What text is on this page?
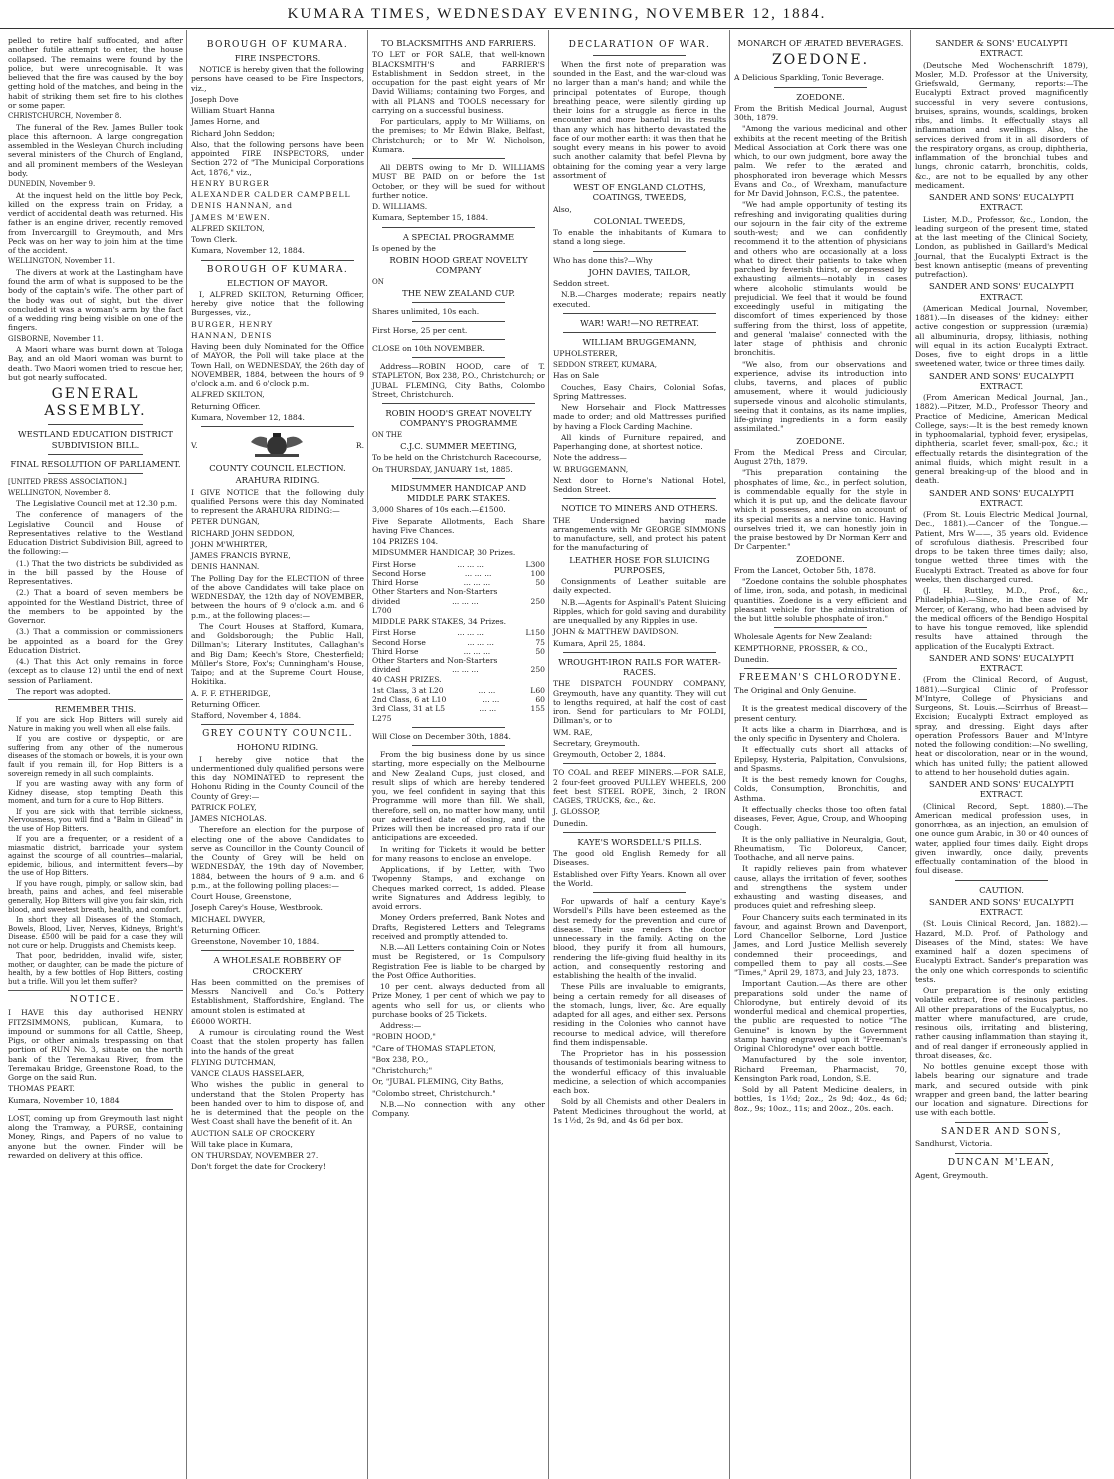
KUMARA TIMES, WEDNESDAY EVENING, NOVEMBER 12, 1884.

pelled to retire half suffocated, and after another futile attempt to enter, the house collapsed. The remains were found by the police, but were unrecognisable. It was believed that the fire was caused by the boy getting hold of the matches, and being in the habit of striking them set fire to his clothes or some paper.

CHRISTCHURCH, November 8.

The funeral of the Rev. James Buller took place this afternoon. A large congregation assembled in the Wesleyan Church including several ministers of the Church of England, and all prominent members of the Wesleyan body.

DUNEDIN, November 9.

At the inquest held on the little boy Peck, killed on the express train on Friday, a verdict of accidental death was returned. His father is an engine driver, recently removed from Invercargill to Greymouth, and Mrs Peck was on her way to join him at the time of the accident.

WELLINGTON, November 11.

The divers at work at the Lastingham have found the arm of what is supposed to be the body of the captain's wife. The other part of the body was out of sight, but the diver concluded it was a woman's arm by the fact of a wedding ring being visible on one of the fingers.

GISBORNE, November 11.

A Maori whare was burnt down at Tologa Bay, and an old Maori woman was burnt to death. Two Maori women tried to rescue her, but got nearly suffocated.

GENERAL ASSEMBLY.
WESTLAND EDUCATION DISTRICT SUBDIVISION BILL.
FINAL RESOLUTION OF PARLIAMENT.

[UNITED PRESS ASSOCIATION.]

WELLINGTON, November 8.

The Legislative Council met at 12.30 p.m.

The conference of managers of the Legislative Council and House of Representatives relative to the Westland Education District Subdivision Bill, agreed to the following:—

(1.) That the two districts be subdivided as in the bill passed by the House of Representatives.

(2.) That a board of seven members be appointed for the Westland District, three of the members to be appointed by the Governor.

(3.) That a commission or commissioners be appointed as a board for the Grey Education District.

(4.) That this Act only remains in force (except as to clause 12) until the end of next session of Parliament.

The report was adopted.

REMEMBER THIS.

If you are sick Hop Bitters will surely aid Nature in making you well when all else fails.

If you are costive or dyspeptic, or are suffering from any other of the numerous diseases of the stomach or bowels, it is your own fault if you remain ill, for Hop Bitters is a sovereign remedy in all such complaints.

If you are wasting away with any form of Kidney disease, stop tempting Death this moment, and turn for a cure to Hop Bitters.

If you are sick with that terrible sickness, Nervousness, you will find a "Balm in Gilead" in the use of Hop Bitters.

If you are a frequenter, or a resident of a miasmatic district, barricade your system against the scourge of all countries—malarial, epidemic, bilious, and intermittent fevers—by the use of Hop Bitters.

If you have rough, pimply, or sallow skin, bad breath, pains and aches, and feel miserable generally, Hop Bitters will give you fair skin, rich blood, and sweetest breath, health, and comfort.

In short they all Diseases of the Stomach, Bowels, Blood, Liver, Nerves, Kidneys, Bright's Disease. £500 will be paid for a case they will not cure or help. Druggists and Chemists keep.

That poor, bedridden, invalid wife, sister, mother, or daughter, can be made the picture of health, by a few bottles of Hop Bitters, costing but a trifle. Will you let them suffer?

NOTICE.

I HAVE this day authorised HENRY FITZSIMMONS, publican, Kumara, to impound or summons for all Cattle, Sheep, Pigs, or other animals trespassing on that portion of RUN No. 3, situate on the north bank of the Teremakau River, from the Teremakau Bridge, Greenstone Road, to the Gorge on the said Run.

THOMAS PEART.

Kumara, November 10, 1884

LOST, coming up from Greymouth last night along the Tramway, a PURSE, containing Money, Rings, and Papers of no value to anyone but the owner. Finder will be rewarded on delivery at this office.

BOROUGH OF KUMARA.
FIRE INSPECTORS.

NOTICE is hereby given that the following persons have ceased to be Fire Inspectors, viz.,

Joseph Dove

William Stuart Hanna

James Horne, and

Richard John Seddon;

Also, that the following persons have been appointed FIRE INSPECTORS, under Section 272 of "The Municipal Corporations Act, 1876," viz.,

HENRY BURGER

ALEXANDER CALDER CAMPBELL

DENIS HANNAN, and

JAMES M'EWEN.

ALFRED SKILTON,

Town Clerk.

Kumara, November 12, 1884.

BOROUGH OF KUMARA.
ELECTION OF MAYOR.

I, ALFRED SKILTON, Returning Officer, hereby give notice that the following Burgesses, viz.,

BURGER, HENRY

HANNAN, DENIS

Having been duly Nominated for the Office of MAYOR, the Poll will take place at the Town Hall, on WEDNESDAY, the 26th day of NOVEMBER, 1884, between the hours of 9 o'clock a.m. and 6 o'clock p.m.

ALFRED SKILTON,

Returning Officer.

Kumara, November 12, 1884.

V.	R.
COUNTY COUNCIL ELECTION.
ARAHURA RIDING.

I GIVE NOTICE that the following duly qualified Persons were this day Nominated to represent the ARAHURA RIDING:—

PETER DUNGAN,

RICHARD JOHN SEDDON,

JOHN M'WHIRTER,

JAMES FRANCIS BYRNE,

DENIS HANNAN.

The Polling Day for the ELECTION of three of the above Candidates will take place on WEDNESDAY, the 12th day of NOVEMBER, between the hours of 9 o'clock a.m. and 6 p.m., at the following places:—

The Court Houses at Stafford, Kumara, and Goldsborough; the Public Hall, Dillman's; Literary Institutes, Callaghan's and Big Dam; Keech's Store, Chesterfield; Müller's Store, Fox's; Cunningham's House, Taipo; and at the Supreme Court House, Hokitika.

A. F. F. ETHERIDGE,

Returning Officer.

Stafford, November 4, 1884.

GREY COUNTY COUNCIL.
HOHONU RIDING.

I hereby give notice that the undermentioned duly qualified persons were this day NOMINATED to represent the Hohonu Riding in the County Council of the County of Grey:—

PATRICK FOLEY,

JAMES NICHOLAS.

Therefore an election for the purpose of electing one of the above Candidates to serve as Councillor in the County Council of the County of Grey will be held on WEDNESDAY, the 19th day of November, 1884, between the hours of 9 a.m. and 6 p.m., at the following polling places:—

Court House, Greenstone,

Joseph Carey's House, Westbrook.

MICHAEL DWYER,

Returning Officer.

Greenstone, November 10, 1884.

A WHOLESALE ROBBERY OF CROCKERY

Has been committed on the premises of Messrs Nancivell and Co.'s Pottery Establishment, Staffordshire, England. The amount stolen is estimated at

£6000 WORTH.

A rumour is circulating round the West Coast that the stolen property has fallen into the hands of the great

FLYING DUTCHMAN,

VANCE CLAUS HASSELAER,

Who wishes the public in general to understand that the Stolen Property has been handed over to him to dispose of, and he is determined that the people on the West Coast shall have the benefit of it. An

AUCTION SALE OF CROCKERY

Will take place in Kumara,

ON THURSDAY, NOVEMBER 27.

Don't forget the date for Crockery!

TO BLACKSMITHS AND FARRIERS.

TO LET or FOR SALE, that well-known BLACKSMITH'S and FARRIER'S Establishment in Seddon street, in the occupation for the past eight years of Mr David Williams; containing two Forges, and with all PLANS and TOOLS necessary for carrying on a successful business.

For particulars, apply to Mr Williams, on the premises; to Mr Edwin Blake, Belfast, Christchurch; or to Mr W. Nicholson, Kumara.

All DEBTS owing to Mr D. WILLIAMS MUST BE PAID on or before the 1st October, or they will be sued for without further notice.

D. WILLIAMS.

Kumara, September 15, 1884.

A SPECIAL PROGRAMME

Is opened by the

ROBIN HOOD GREAT NOVELTY COMPANY

ON

THE NEW ZEALAND CUP.

Shares unlimited, 10s each.

First Horse, 25 per cent.

CLOSE on 10th NOVEMBER.

Address—ROBIN HOOD, care of T. STAPLETON, Box 238, P.O., Christchurch; or JUBAL FLEMING, City Baths, Colombo Street, Christchurch.

ROBIN HOOD'S GREAT NOVELTY COMPANY'S PROGRAMME

ON THE

C.J.C. SUMMER MEETING,

To be held on the Christchurch Racecourse,

On THURSDAY, JANUARY 1st, 1885.

MIDSUMMER HANDICAP AND MIDDLE PARK STAKES.

3,000 Shares of 10s each.—£1500.

Five Separate Allotments, Each Share having Five Chances.

104 PRIZES 104.

MIDSUMMER HANDICAP, 30 Prizes.

First Horse	... ... ...	L300
Second Horse	... ... ...	100
Third Horse	... ... ...	50
Other Starters and Non-Starters
divided	... ... ...	250

L700

MIDDLE PARK STAKES, 34 Prizes.

First Horse	... ... ...	L150
Second Horse	... ... ...	75
Third Horse	... ... ...	50
Other Starters and Non-Starters
divided	... ... ...	250

40 CASH PRIZES.

1st Class, 3 at L20	... ...	L60
2nd Class, 6 at L10	... ...	60
3rd Class, 31 at L5	... ...	155

L275

Will Close on December 30th, 1884.

From the big business done by us since starting, more especially on the Melbourne and New Zealand Cups, just closed, and result slips of which are hereby tendered you, we feel confident in saying that this Programme will more than fill. We shall, therefore, sell on, no matter how many, until our advertised date of closing, and the Prizes will then be increased pro rata if our anticipations are exceeded.

In writing for Tickets it would be better for many reasons to enclose an envelope.

Applications, if by Letter, with Two Twopenny Stamps, and exchange on Cheques marked correct, 1s added. Please write Signatures and Address legibly, to avoid errors.

Money Orders preferred, Bank Notes and Drafts, Registered Letters and Telegrams received and promptly attended to.

N.B.—All Letters containing Coin or Notes must be Registered, or 1s Compulsory Registration Fee is liable to be charged by the Post Office Authorities.

10 per cent. always deducted from all Prize Money, 1 per cent of which we pay to agents who sell for us, or clients who purchase books of 25 Tickets.

Address:—

"ROBIN HOOD,"

"Care of THOMAS STAPLETON,

"Box 238, P.O.,

"Christchurch;"

Or, "JUBAL FLEMING, City Baths,

"Colombo street, Christchurch."

N.B.—No connection with any other Company.

DECLARATION OF WAR.

When the first note of preparation was sounded in the East, and the war-cloud was no larger than a man's hand; and while the principal potentates of Europe, though breathing peace, were silently girding up their loins for a struggle as fierce in the encounter and more baneful in its results than any which has hitherto devastated the face of our mother earth: it was then that he sought every means in his power to avoid such another calamity that befel Plevna by obtaining for the coming year a very large assortment of

WEST OF ENGLAND CLOTHS, COATINGS, TWEEDS,

Also,

COLONIAL TWEEDS,

To enable the inhabitants of Kumara to stand a long siege.

Who has done this?—Why

JOHN DAVIES, TAILOR,

Seddon street.

N.B.—Charges moderate; repairs neatly executed.

WAR! WAR!—NO RETREAT.
WILLIAM BRUGGEMANN,

UPHOLSTERER,

SEDDON STREET, KUMARA,

Has on Sale

Couches, Easy Chairs, Colonial Sofas, Spring Mattresses.

New Horsehair and Flock Mattresses made to order; and old Mattresses purified by having a Flock Carding Machine.

All kinds of Furniture repaired, and Paperhanging done, at shortest notice.

Note the address—

W. BRUGGEMANN,

Next door to Horne's National Hotel, Seddon Street.

NOTICE TO MINERS AND OTHERS.

THE Undersigned having made arrangements with Mr GEORGE SIMMONS to manufacture, sell, and protect his patent for the manufacturing of

LEATHER HOSE FOR SLUICING PURPOSES,

Consignments of Leather suitable are daily expected.

N.B.—Agents for Aspinall's Patent Sluicing Ripples, which for gold saving and durability are unequalled by any Ripples in use.

JOHN & MATTHEW DAVIDSON.

Kumara, April 25, 1884.

WROUGHT-IRON RAILS FOR WATER-RACES.

THE DISPATCH FOUNDRY COMPANY, Greymouth, have any quantity. They will cut to lengths required, at half the cost of cast iron. Send for particulars to Mr FOLDI, Dillman's, or to

WM. RAE,

Secretary, Greymouth.

Greymouth, October 2, 1884.

TO COAL and REEF MINERS.—FOR SALE, 2 four-feet grooved PULLEY WHEELS, 200 feet best STEEL ROPE, 3inch, 2 IRON CAGES, TRUCKS, &c., &c.

J. GLOSSOP,

Dunedin.

KAYE'S WORSDELL'S PILLS.

The good old English Remedy for all Diseases.

Established over Fifty Years. Known all over the World.

For upwards of half a century Kaye's Worsdell's Pills have been esteemed as the best remedy for the prevention and cure of disease. Their use renders the doctor unnecessary in the family. Acting on the blood, they purify it from all humours, rendering the life-giving fluid healthy in its action, and consequently restoring and establishing the health of the invalid.

These Pills are invaluable to emigrants, being a certain remedy for all diseases of the stomach, lungs, liver, &c. Are equally adapted for all ages, and either sex. Persons residing in the Colonies who cannot have recourse to medical advice, will therefore find them indispensable.

The Proprietor has in his possession thousands of testimonials bearing witness to the wonderful efficacy of this invaluable medicine, a selection of which accompanies each box.

Sold by all Chemists and other Dealers in Patent Medicines throughout the world, at 1s 1½d, 2s 9d, and 4s 6d per box.

MONARCH OF ÆRATED BEVERAGES.
ZOEDONE.

A Delicious Sparkling, Tonic Beverage.

ZOEDONE.

From the British Medical Journal, August 30th, 1879.

"Among the various medicinal and other exhibits at the recent meeting of the British Medical Association at Cork there was one which, to our own judgment, bore away the palm. We refer to the ærated and phosphorated iron beverage which Messrs Evans and Co., of Wrexham, manufacture for Mr David Johnson, F.C.S., the patentee.

"We had ample opportunity of testing its refreshing and invigorating qualities during our sojourn in the fair city of the extreme south-west; and we can confidently recommend it to the attention of physicians and others who are occasionally at a loss what to direct their patients to take when parched by feverish thirst, or depressed by exhausting ailments—notably in cases where alcoholic stimulants would be prejudicial. We feel that it would be found exceedingly useful in mitigating the discomfort of times experienced by those suffering from the thirst, loss of appetite, and general 'malaise' connected with the later stage of phthisis and chronic bronchitis.

"We also, from our observations and experience, advise its introduction into clubs, taverns, and places of public amusement, where it would judiciously supersede vinous and alcoholic stimulants, seeing that it contains, as its name implies, life-giving ingredients in a form easily assimilated."

ZOEDONE.

From the Medical Press and Circular, August 27th, 1879.

"This preparation containing the phosphates of lime, &c., in perfect solution, is commendable equally for the style in which it is put up, and the delicate flavour which it possesses, and also on account of its special merits as a nervine tonic. Having ourselves tried it, we can honestly join in the praise bestowed by Dr Norman Kerr and Dr Carpenter."

ZOEDONE.

From the Lancet, October 5th, 1878.

"Zoedone contains the soluble phosphates of lime, iron, soda, and potash, in medicinal quantities. Zoedone is a very efficient and pleasant vehicle for the administration of the but little soluble phosphate of iron."

Wholesale Agents for New Zealand:

KEMPTHORNE, PROSSER, & CO.,

Dunedin.

FREEMAN'S CHLORODYNE.

The Original and Only Genuine.

It is the greatest medical discovery of the present century.

It acts like a charm in Diarrhœa, and is the only specific in Dysentery and Cholera.

It effectually cuts short all attacks of Epilepsy, Hysteria, Palpitation, Convulsions, and Spasms.

It is the best remedy known for Coughs, Colds, Consumption, Bronchitis, and Asthma.

It effectually checks those too often fatal diseases, Fever, Ague, Croup, and Whooping Cough.

It is the only palliative in Neuralgia, Gout, Rheumatism, Tic Doloreux, Cancer, Toothache, and all nerve pains.

It rapidly relieves pain from whatever cause, allays the irritation of fever, soothes and strengthens the system under exhausting and wasting diseases, and produces quiet and refreshing sleep.

Four Chancery suits each terminated in its favour, and against Brown and Davenport, Lord Chancellor Selborne, Lord Justice James, and Lord Justice Mellish severely condemned their proceedings, and compelled them to pay all costs.—See "Times," April 29, 1873, and July 23, 1873.

Important Caution.—As there are other preparations sold under the name of Chlorodyne, but entirely devoid of its wonderful medical and chemical properties, the public are requested to notice "The Genuine" is known by the Government stamp having engraved upon it "Freeman's Original Chlorodyne" over each bottle.

Manufactured by the sole inventor, Richard Freeman, Pharmacist, 70, Kensington Park road, London, S.E.

Sold by all Patent Medicine dealers, in bottles, 1s 1½d; 2oz., 2s 9d; 4oz., 4s 6d; 8oz., 9s; 10oz., 11s; and 20oz., 20s. each.

SANDER & SONS' EUCALYPTI EXTRACT.

(Deutsche Med Wochenschrift 1879), Mosler, M.D. Professor at the University, Griefswald, Germany, reports:—The Eucalypti Extract proved magnificently successful in very severe contusions, bruises, sprains, wounds, scaldings, broken ribs, and limbs. It effectually stays all inflammation and swellings. Also, the services derived from it in all disorders of the respiratory organs, as croup, diphtheria, inflammation of the bronchial tubes and lungs, chronic catarrh, bronchitis, colds, &c., are not to be equalled by any other medicament.

SANDER AND SONS' EUCALYPTI EXTRACT.

Lister, M.D., Professor, &c., London, the leading surgeon of the present time, stated at the last meeting of the Clinical Society, London, as published in Gaillard's Medical Journal, that the Eucalypti Extract is the best known antiseptic (means of preventing putrefaction).

SANDER AND SONS' EUCALYPTI EXTRACT.

(American Medical Journal, November, 1881).—In diseases of the kidney: either active congestion or suppression (uræmia) all albuminuria, dropsy, lithiasis, nothing will equal in its action Eucalypti Extract. Doses, five to eight drops in a little sweetened water, twice or three times daily.

SANDER AND SONS' EUCALYPTI EXTRACT.

(From American Medical Journal, Jan., 1882).—Pitzer, M.D., Professor Theory and Practice of Medicine, American Medical College, says:—It is the best remedy known in typhoomalarial, typhoid fever, erysipelas, diphtheria, scarlet fever, small-pox, &c.; it effectually retards the disintegration of the animal fluids, which might result in a general breaking-up of the blood and in death.

SANDER AND SONS' EUCALYPTI EXTRACT.

(From St. Louis Electric Medical Journal, Dec., 1881).—Cancer of the Tongue.—Patient, Mrs W——, 35 years old. Evidence of scrofulous diathesis. Prescribed four drops to be taken three times daily; also, tongue wetted three times with the Eucalypti Extract. Treated as above for four weeks, then discharged cured.

(J. H. Ruttley, M.D., Prof., &c., Philadelphia).—Since, in the case of Mr Mercer, of Kerang, who had been advised by the medical officers of the Bendigo Hospital to have his tongue removed, like splendid results have attained through the application of the Eucalypti Extract.

SANDER AND SONS' EUCALYPTI EXTRACT.

(From the Clinical Record, of August, 1881).—Surgical Clinic of Professor M'Intyre, College of Physicians and Surgeons, St. Louis.—Scirrhus of Breast—Excision; Eucalypti Extract employed as spray, and dressing. Eight days after operation Professors Bauer and M'Intyre noted the following condition:—No swelling, heat or discoloration, near or in the wound, which has united fully; the patient allowed to attend to her household duties again.

SANDER AND SONS' EUCALYPTI EXTRACT.

(Clinical Record, Sept. 1880).—The American medical profession uses, in gonorrhœa, as an injection, an emulsion of one ounce gum Arabic, in 30 or 40 ounces of water, applied four times daily. Eight drops given inwardly, once daily, prevents effectually contamination of the blood in foul disease.

CAUTION.
SANDER AND SONS' EUCALYPTI EXTRACT.

(St. Louis Clinical Record, Jan. 1882).—Hazard, M.D. Prof. of Pathology and Diseases of the Mind, states: We have examined half a dozen specimens of Eucalypti Extract. Sander's preparation was the only one which corresponds to scientific tests.

Our preparation is the only existing volatile extract, free of resinous particles. All other preparations of the Eucalyptus, no matter where manufactured, are crude, resinous oils, irritating and blistering, rather causing inflammation than staying it, and of real danger if erroneously applied in throat diseases, &c.

No bottles genuine except those with labels bearing our signature and trade mark, and secured outside with pink wrapper and green band, the latter bearing our location and signature. Directions for use with each bottle.

SANDER AND SONS,

Sandhurst, Victoria.

DUNCAN M'LEAN,

Agent, Greymouth.
